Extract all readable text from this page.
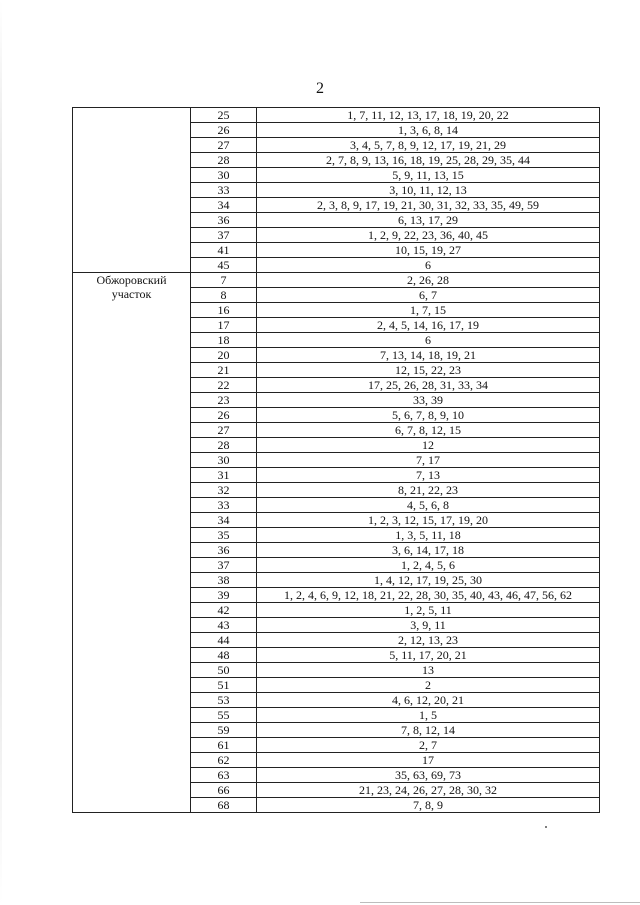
2
	25	1, 7, 11, 12, 13, 17, 18, 19, 20, 22
	26	1, 3, 6, 8, 14
	27	3, 4, 5, 7, 8, 9, 12, 17, 19, 21, 29
	28	2, 7, 8, 9, 13, 16, 18, 19, 25, 28, 29, 35, 44
	30	5, 9, 11, 13, 15
	33	3, 10, 11, 12, 13
	34	2, 3, 8, 9, 17, 19, 21, 30, 31, 32, 33, 35, 49, 59
	36	6, 13, 17, 29
	37	1, 2, 9, 22, 23, 36, 40, 45
	41	10, 15, 19, 27
	45	6
Обжоровский
участок	7	2, 26, 28
	8	6, 7
	16	1, 7, 15
	17	2, 4, 5, 14, 16, 17, 19
	18	6
	20	7, 13, 14, 18, 19, 21
	21	12, 15, 22, 23
	22	17, 25, 26, 28, 31, 33, 34
	23	33, 39
	26	5, 6, 7, 8, 9, 10
	27	6, 7, 8, 12, 15
	28	12
	30	7, 17
	31	7, 13
	32	8, 21, 22, 23
	33	4, 5, 6, 8
	34	1, 2, 3, 12, 15, 17, 19, 20
	35	1, 3, 5, 11, 18
	36	3, 6, 14, 17, 18
	37	1, 2, 4, 5, 6
	38	1, 4, 12, 17, 19, 25, 30
	39	1, 2, 4, 6, 9, 12, 18, 21, 22, 28, 30, 35, 40, 43, 46, 47, 56, 62
	42	1, 2, 5, 11
	43	3, 9, 11
	44	2, 12, 13, 23
	48	5, 11, 17, 20, 21
	50	13
	51	2
	53	4, 6, 12, 20, 21
	55	1, 5
	59	7, 8, 12, 14
	61	2, 7
	62	17
	63	35, 63, 69, 73
	66	21, 23, 24, 26, 27, 28, 30, 32
	68	7, 8, 9
